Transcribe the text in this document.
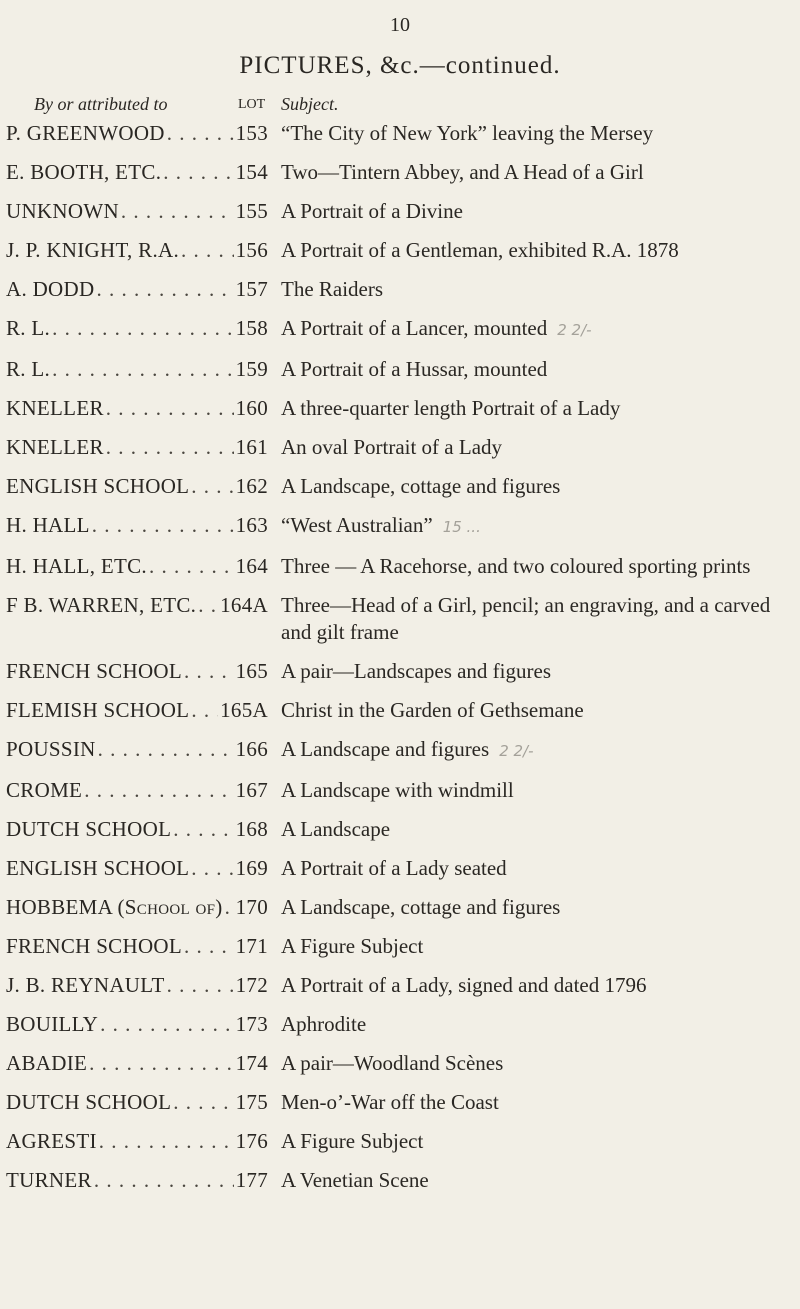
10
PICTURES, &c.—continued.
By or attributed to	LOT Subject.
P. GREENWOOD . . .	153 “The City of New York” leaving the Mersey
E. BOOTH, ETC. . . .	154 Two—Tintern Abbey, and A Head of a Girl
UNKNOWN . . .	155 A Portrait of a Divine
J. P. KNIGHT, R.A. . . .	156 A Portrait of a Gentleman, exhibited R.A. 1878
A. DODD . . .	157 The Raiders
R. L. . . .	158 A Portrait of a Lancer, mounted 2 2/-
R. L. . . .	159 A Portrait of a Hussar, mounted
KNELLER . . .	160 A three-quarter length Portrait of a Lady
KNELLER . . .	161 An oval Portrait of a Lady
ENGLISH SCHOOL . . . 162 A Landscape, cottage and figures
H. HALL . . .	163 “West Australian” 15 ...
H. HALL, ETC. . . .	164 Three — A Racehorse, and two coloured sporting prints
F B. WARREN, ETC. . . . 164A Three—Head of a Girl, pencil; an engraving, and a carved and gilt frame
FRENCH SCHOOL . . .	165 A pair—Landscapes and figures
FLEMISH SCHOOL . . . 165A Christ in the Garden of Gethsemane
POUSSIN . . .	166 A Landscape and figures 2 2/-
CROME . . .	167 A Landscape with windmill
DUTCH SCHOOL . . .	168 A Landscape
ENGLISH SCHOOL . . . 169 A Portrait of a Lady seated
HOBBEMA (School of) . . . 170 A Landscape, cottage and figures
FRENCH SCHOOL . . .	171 A Figure Subject
J. B. REYNAULT . . .	172 A Portrait of a Lady, signed and dated 1796
BOUILLY . . .	173 Aphrodite
ABADIE . . .	174 A pair—Woodland Scènes
DUTCH SCHOOL . . .	175 Men-o’-War off the Coast
AGRESTI . . .	176 A Figure Subject
TURNER . . .	177 A Venetian Scene
